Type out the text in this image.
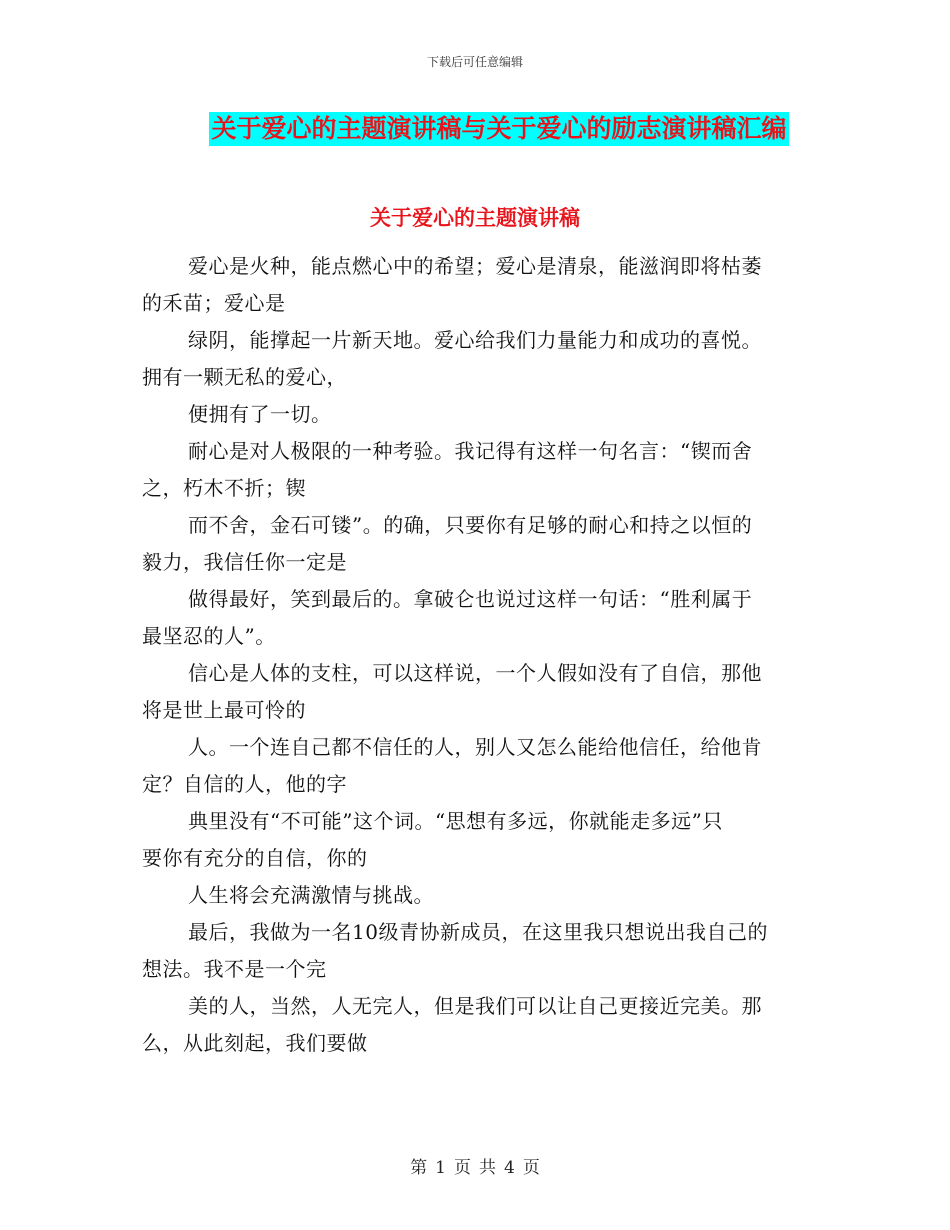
下载后可任意编辑
关于爱心的主题演讲稿与关于爱心的励志演讲稿汇编
关于爱心的主题演讲稿
爱心是火种，能点燃心中的希望；爱心是清泉，能滋润即将枯萎
的禾苗；爱心是
绿阴，能撑起一片新天地。爱心给我们力量能力和成功的喜悦。
拥有一颗无私的爱心，
便拥有了一切。
耐心是对人极限的一种考验。我记得有这样一句名言：“锲而舍
之，朽木不折；锲
而不舍，金石可镂”。的确，只要你有足够的耐心和持之以恒的
毅力，我信任你一定是
做得最好，笑到最后的。拿破仑也说过这样一句话：“胜利属于
最坚忍的人”。
信心是人体的支柱，可以这样说，一个人假如没有了自信，那他
将是世上最可怜的
人。一个连自己都不信任的人，别人又怎么能给他信任，给他肯
定？自信的人，他的字
典里没有“不可能”这个词。“思想有多远，你就能走多远”只
要你有充分的自信，你的
人生将会充满激情与挑战。
最后，我做为一名10级青协新成员，在这里我只想说出我自己的
想法。我不是一个完
美的人，当然，人无完人，但是我们可以让自己更接近完美。那
么，从此刻起，我们要做
第 1 页 共 4 页
